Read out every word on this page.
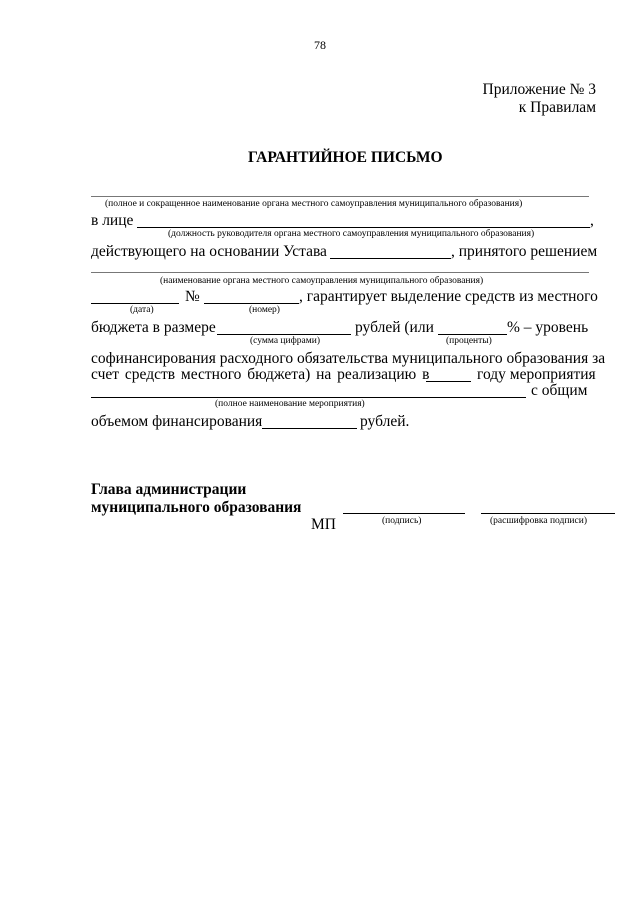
78
Приложение № 3
к Правилам
ГАРАНТИЙНОЕ ПИСЬМО
(полное и сокращенное наименование органа местного самоуправления муниципального образования)
в лице	,
(должность руководителя органа местного самоуправления муниципального образования)
действующего на основании Устава	, принятого решением
(наименование органа местного самоуправления муниципального образования)
№	, гарантирует выделение средств из местного
(дата)	(номер)
бюджета в размере	рублей (или	% – уровень
(сумма цифрами)	(проценты)
софинансирования расходного обязательства муниципального образования за
счет средств местного бюджета) на реализацию в	году мероприятия
с общим
(полное наименование мероприятия)
объемом финансирования	рублей.
Глава администрации
муниципального образования
МП	(подпись)	(расшифровка подписи)
